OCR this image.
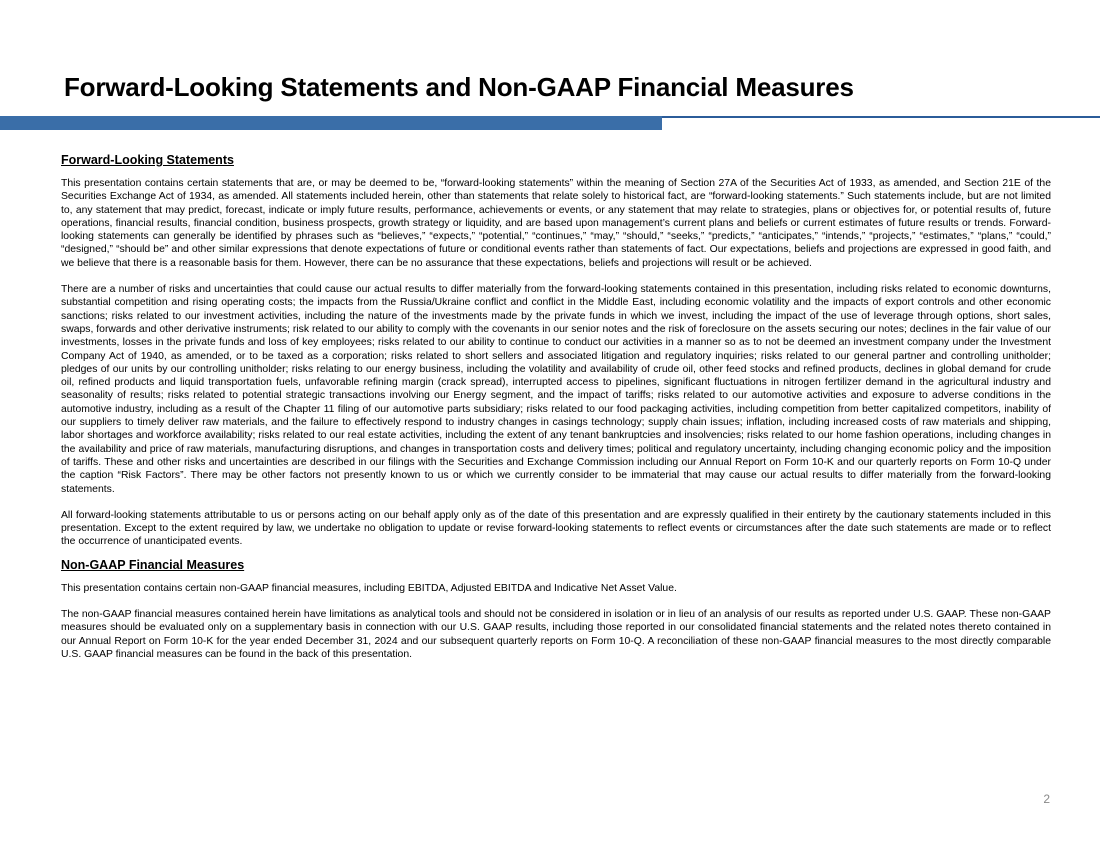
Forward-Looking Statements and Non-GAAP Financial Measures
Forward-Looking Statements

This presentation contains certain statements that are, or may be deemed to be, “forward-looking statements” within the meaning of Section 27A of the Securities Act of 1933, as amended, and Section 21E of the Securities Exchange Act of 1934, as amended. All statements included herein, other than statements that relate solely to historical fact, are “forward-looking statements.” Such statements include, but are not limited to, any statement that may predict, forecast, indicate or imply future results, performance, achievements or events, or any statement that may relate to strategies, plans or objectives for, or potential results of, future operations, financial results, financial condition, business prospects, growth strategy or liquidity, and are based upon management’s current plans and beliefs or current estimates of future results or trends. Forward-looking statements can generally be identified by phrases such as “believes,” “expects,” “potential,” “continues,” “may,” “should,” “seeks,” “predicts,” “anticipates,” “intends,” “projects,” “estimates,” “plans,” “could,” “designed,” “should be” and other similar expressions that denote expectations of future or conditional events rather than statements of fact. Our expectations, beliefs and projections are expressed in good faith, and we believe that there is a reasonable basis for them. However, there can be no assurance that these expectations, beliefs and projections will result or be achieved.

There are a number of risks and uncertainties that could cause our actual results to differ materially from the forward-looking statements contained in this presentation, including risks related to economic downturns, substantial competition and rising operating costs; the impacts from the Russia/Ukraine conflict and conflict in the Middle East, including economic volatility and the impacts of export controls and other economic sanctions; risks related to our investment activities, including the nature of the investments made by the private funds in which we invest, including the impact of the use of leverage through options, short sales, swaps, forwards and other derivative instruments; risk related to our ability to comply with the covenants in our senior notes and the risk of foreclosure on the assets securing our notes; declines in the fair value of our investments, losses in the private funds and loss of key employees; risks related to our ability to continue to conduct our activities in a manner so as to not be deemed an investment company under the Investment Company Act of 1940, as amended, or to be taxed as a corporation; risks related to short sellers and associated litigation and regulatory inquiries; risks related to our general partner and controlling unitholder; pledges of our units by our controlling unitholder; risks relating to our energy business, including the volatility and availability of crude oil, other feed stocks and refined products, declines in global demand for crude oil, refined products and liquid transportation fuels, unfavorable refining margin (crack spread), interrupted access to pipelines, significant fluctuations in nitrogen fertilizer demand in the agricultural industry and seasonality of results; risks related to potential strategic transactions involving our Energy segment, and the impact of tariffs; risks related to our automotive activities and exposure to adverse conditions in the automotive industry, including as a result of the Chapter 11 filing of our automotive parts subsidiary; risks related to our food packaging activities, including competition from better capitalized competitors, inability of our suppliers to timely deliver raw materials, and the failure to effectively respond to industry changes in casings technology; supply chain issues; inflation, including increased costs of raw materials and shipping, labor shortages and workforce availability; risks related to our real estate activities, including the extent of any tenant bankruptcies and insolvencies; risks related to our home fashion operations, including changes in the availability and price of raw materials, manufacturing disruptions, and changes in transportation costs and delivery times; political and regulatory uncertainty, including changing economic policy and the imposition of tariffs. These and other risks and uncertainties are described in our filings with the Securities and Exchange Commission including our Annual Report on Form 10-K and our quarterly reports on Form 10-Q under the caption “Risk Factors”. There may be other factors not presently known to us or which we currently consider to be immaterial that may cause our actual results to differ materially from the forward-looking statements.

All forward-looking statements attributable to us or persons acting on our behalf apply only as of the date of this presentation and are expressly qualified in their entirety by the cautionary statements included in this presentation. Except to the extent required by law, we undertake no obligation to update or revise forward-looking statements to reflect events or circumstances after the date such statements are made or to reflect the occurrence of unanticipated events.

Non-GAAP Financial Measures

This presentation contains certain non-GAAP financial measures, including EBITDA, Adjusted EBITDA and Indicative Net Asset Value.

The non-GAAP financial measures contained herein have limitations as analytical tools and should not be considered in isolation or in lieu of an analysis of our results as reported under U.S. GAAP. These non-GAAP measures should be evaluated only on a supplementary basis in connection with our U.S. GAAP results, including those reported in our consolidated financial statements and the related notes thereto contained in our Annual Report on Form 10-K for the year ended December 31, 2024 and our subsequent quarterly reports on Form 10-Q. A reconciliation of these non-GAAP financial measures to the most directly comparable U.S. GAAP financial measures can be found in the back of this presentation.

2
